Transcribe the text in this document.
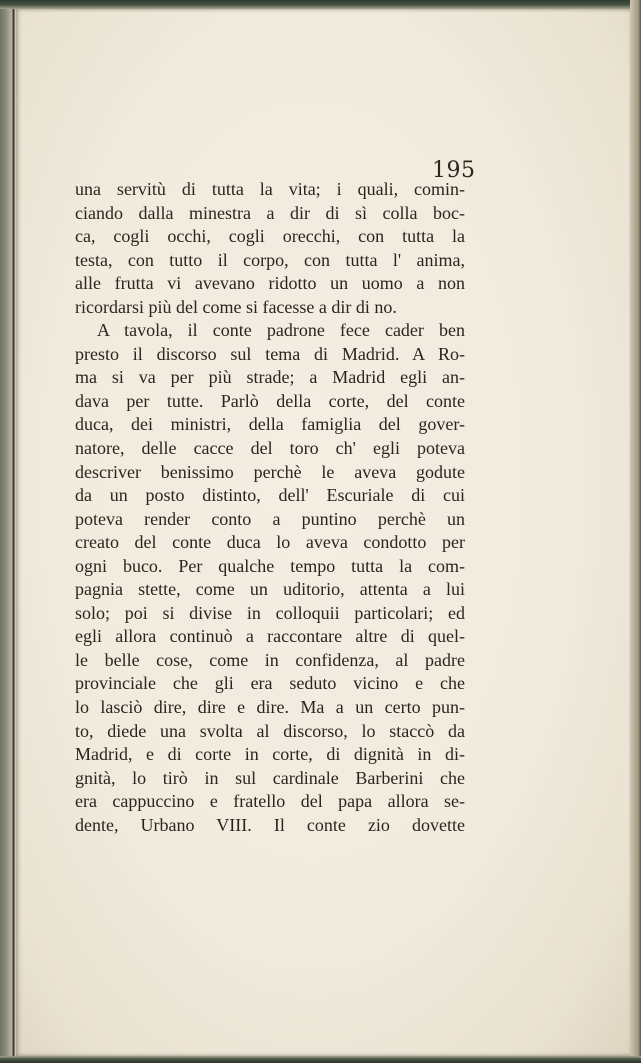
195
una servitù di tutta la vita; i quali, comin-
ciando dalla minestra a dir di sì colla boc-
ca, cogli occhi, cogli orecchi, con tutta la
testa, con tutto il corpo, con tutta l' anima,
alle frutta vi avevano ridotto un uomo a non
ricordarsi più del come si facesse a dir di no.
A tavola, il conte padrone fece cader ben
presto il discorso sul tema di Madrid. A Ro-
ma si va per più strade; a Madrid egli an-
dava per tutte. Parlò della corte, del conte
duca, dei ministri, della famiglia del gover-
natore, delle cacce del toro ch' egli poteva
descriver benissimo perchè le aveva godute
da un posto distinto, dell' Escuriale di cui
poteva render conto a puntino perchè un
creato del conte duca lo aveva condotto per
ogni buco. Per qualche tempo tutta la com-
pagnia stette, come un uditorio, attenta a lui
solo; poi si divise in colloquii particolari; ed
egli allora continuò a raccontare altre di quel-
le belle cose, come in confidenza, al padre
provinciale che gli era seduto vicino e che
lo lasciò dire, dire e dire. Ma a un certo pun-
to, diede una svolta al discorso, lo staccò da
Madrid, e di corte in corte, di dignità in di-
gnità, lo tirò in sul cardinale Barberini che
era cappuccino e fratello del papa allora se-
dente, Urbano VIII. Il conte zio dovette
